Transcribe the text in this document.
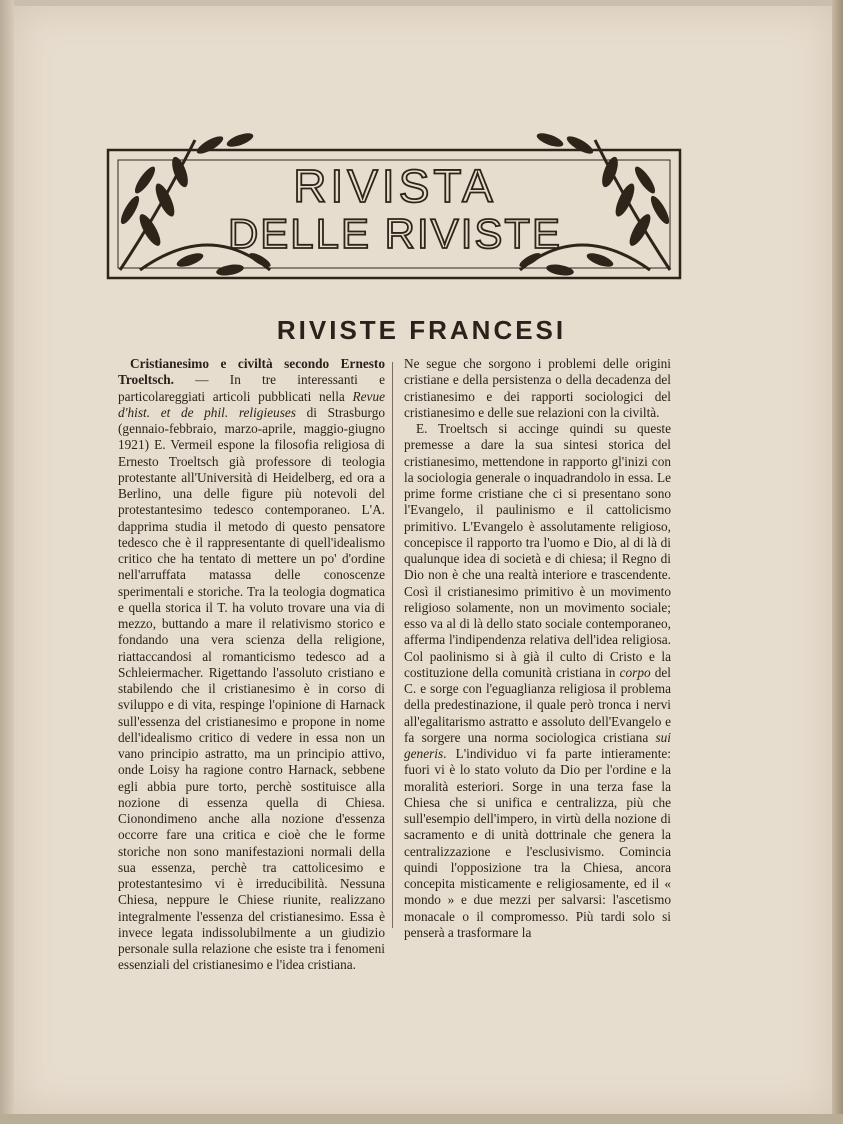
RIVISTA
DELLE RIVISTE
RIVISTE FRANCESI

Cristianesimo e civiltà secondo Ernesto Troeltsch. — In tre interessanti e particolareggiati articoli pubblicati nella Revue d'hist. et de phil. religieuses di Strasburgo (gennaio-febbraio, marzo-aprile, maggio-giugno 1921) E. Vermeil espone la filosofia religiosa di Ernesto Troeltsch già professore di teologia protestante all'Università di Heidelberg, ed ora a Berlino, una delle figure più notevoli del protestantesimo tedesco contemporaneo. L'A. dapprima studia il metodo di questo pensatore tedesco che è il rappresentante di quell'idealismo critico che ha tentato di mettere un po' d'ordine nell'arruffata matassa delle conoscenze sperimentali e storiche. Tra la teologia dogmatica e quella storica il T. ha voluto trovare una via di mezzo, buttando a mare il relativismo storico e fondando una vera scienza della religione, riattaccandosi al romanticismo tedesco ad a Schleiermacher. Rigettando l'assoluto cristiano e stabilendo che il cristianesimo è in corso di sviluppo e di vita, respinge l'opinione di Harnack sull'essenza del cristianesimo e propone in nome dell'idealismo critico di vedere in essa non un vano principio astratto, ma un principio attivo, onde Loisy ha ragione contro Harnack, sebbene egli abbia pure torto, perchè sostituisce alla nozione di essenza quella di Chiesa. Cionondimeno anche alla nozione d'essenza occorre fare una critica e cioè che le forme storiche non sono manifestazioni normali della sua essenza, perchè tra cattolicesimo e protestantesimo vi è irreducibilità. Nessuna Chiesa, neppure le Chiese riunite, realizzano integralmente l'essenza del cristianesimo. Essa è invece legata indissolubilmente a un giudizio personale sulla relazione che esiste tra i fenomeni essenziali del cristianesimo e l'idea cristiana.

Ne segue che sorgono i problemi delle origini cristiane e della persistenza o della decadenza del cristianesimo e dei rapporti sociologici del cristianesimo e delle sue relazioni con la civiltà.

E. Troeltsch si accinge quindi su queste premesse a dare la sua sintesi storica del cristianesimo, mettendone in rapporto gl'inizi con la sociologia generale o inquadrandolo in essa. Le prime forme cristiane che ci si presentano sono l'Evangelo, il paulinismo e il cattolicismo primitivo. L'Evangelo è assolutamente religioso, concepisce il rapporto tra l'uomo e Dio, al di là di qualunque idea di società e di chiesa; il Regno di Dio non è che una realtà interiore e trascendente. Così il cristianesimo primitivo è un movimento religioso solamente, non un movimento sociale; esso va al di là dello stato sociale contemporaneo, afferma l'indipendenza relativa dell'idea religiosa. Col paolinismo si à già il culto di Cristo e la costituzione della comunità cristiana in corpo del C. e sorge con l'eguaglianza religiosa il problema della predestinazione, il quale però tronca i nervi all'egalitarismo astratto e assoluto dell'Evangelo e fa sorgere una norma sociologica cristiana sui generis. L'individuo vi fa parte intieramente: fuori vi è lo stato voluto da Dio per l'ordine e la moralità esteriori. Sorge in una terza fase la Chiesa che si unifica e centralizza, più che sull'esempio dell'impero, in virtù della nozione di sacramento e di unità dottrinale che genera la centralizzazione e l'esclusivismo. Comincia quindi l'opposizione tra la Chiesa, ancora concepita misticamente e religiosamente, ed il « mondo » e due mezzi per salvarsi: l'ascetismo monacale o il compromesso. Più tardi solo si penserà a trasformare la
